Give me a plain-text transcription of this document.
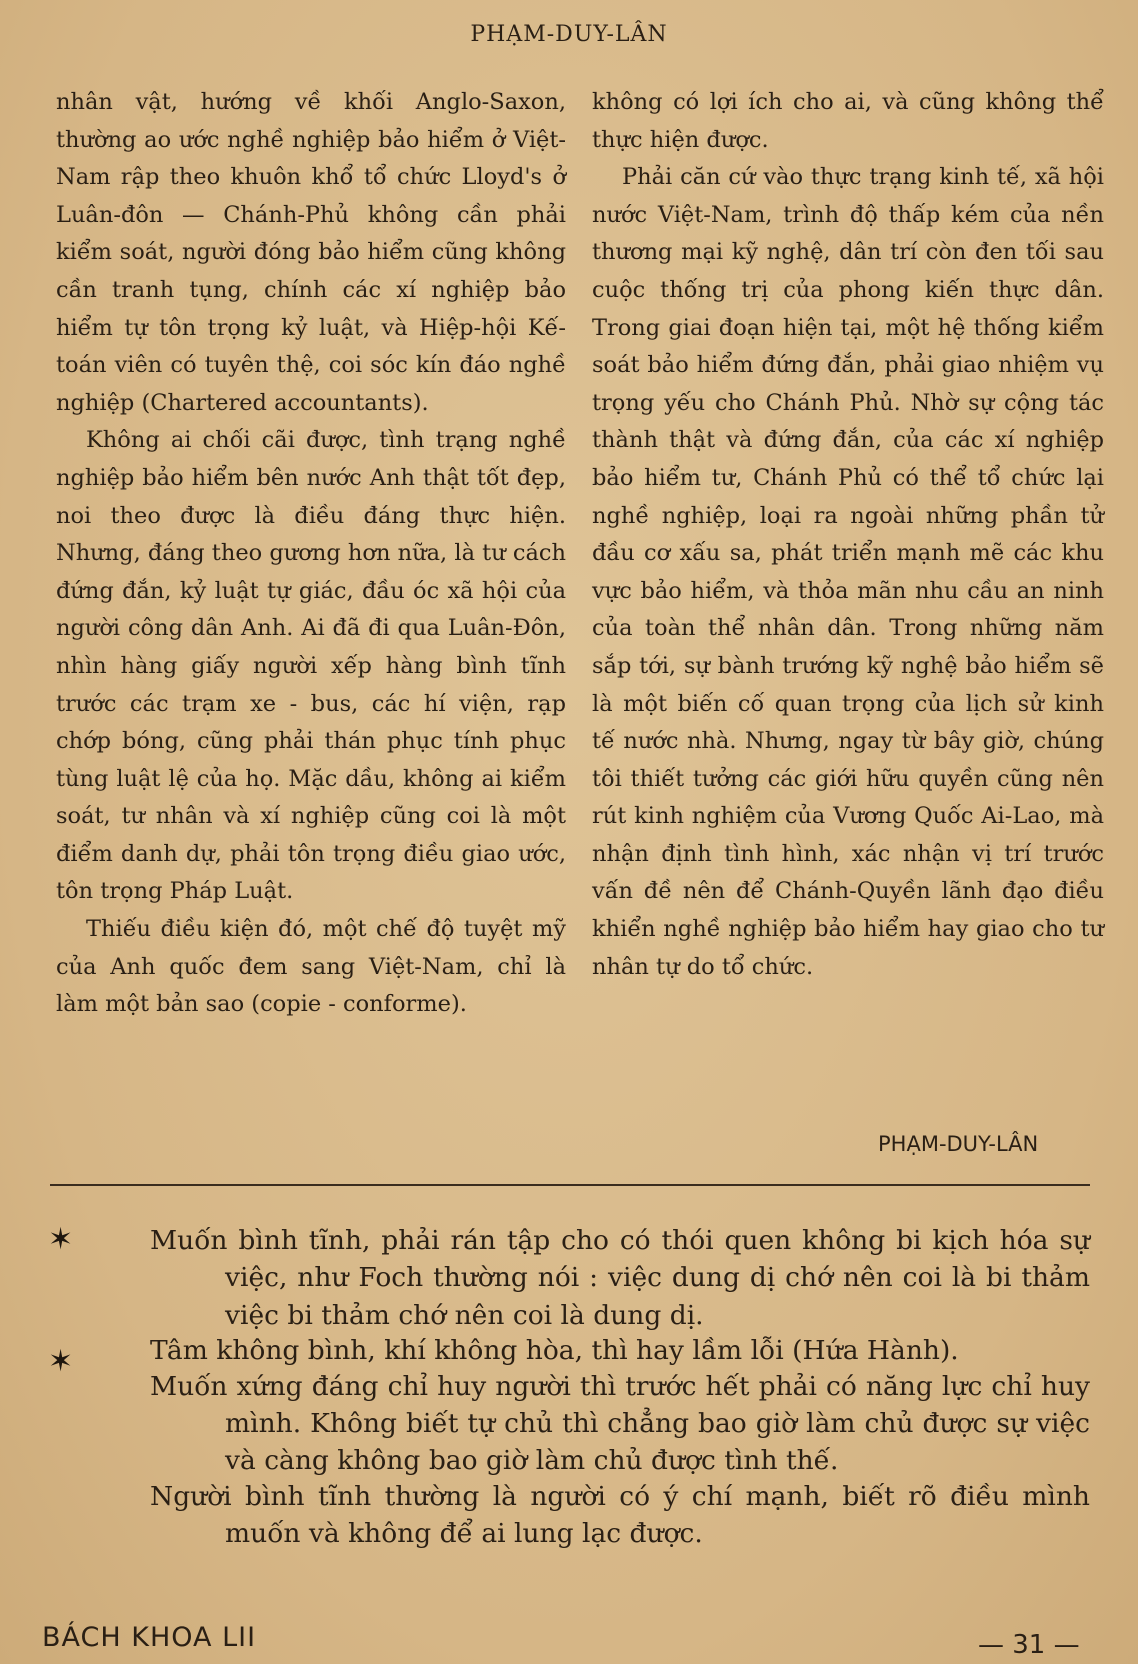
PHẠM-DUY-LÂN

nhân vật, hướng về khối Anglo-Saxon, thường ao ước nghề nghiệp bảo hiểm ở Việt-Nam rập theo khuôn khổ tổ chức Lloyd's ở Luân-đôn — Chánh-Phủ không cần phải kiểm soát, người đóng bảo hiểm cũng không cần tranh tụng, chính các xí nghiệp bảo hiểm tự tôn trọng kỷ luật, và Hiệp-hội Kế-toán viên có tuyên thệ, coi sóc kín đáo nghề nghiệp (Chartered accountants).

Không ai chối cãi được, tình trạng nghề nghiệp bảo hiểm bên nước Anh thật tốt đẹp, noi theo được là điều đáng thực hiện. Nhưng, đáng theo gương hơn nữa, là tư cách đứng đắn, kỷ luật tự giác, đầu óc xã hội của người công dân Anh. Ai đã đi qua Luân-Đôn, nhìn hàng giấy người xếp hàng bình tĩnh trước các trạm xe - bus, các hí viện, rạp chớp bóng, cũng phải thán phục tính phục tùng luật lệ của họ. Mặc dầu, không ai kiểm soát, tư nhân và xí nghiệp cũng coi là một điểm danh dự, phải tôn trọng điều giao ước, tôn trọng Pháp Luật.

Thiếu điều kiện đó, một chế độ tuyệt mỹ của Anh quốc đem sang Việt-Nam, chỉ là làm một bản sao (copie - conforme).

không có lợi ích cho ai, và cũng không thể thực hiện được.

Phải căn cứ vào thực trạng kinh tế, xã hội nước Việt-Nam, trình độ thấp kém của nền thương mại kỹ nghệ, dân trí còn đen tối sau cuộc thống trị của phong kiến thực dân. Trong giai đoạn hiện tại, một hệ thống kiểm soát bảo hiểm đứng đắn, phải giao nhiệm vụ trọng yếu cho Chánh Phủ. Nhờ sự cộng tác thành thật và đứng đắn, của các xí nghiệp bảo hiểm tư, Chánh Phủ có thể tổ chức lại nghề nghiệp, loại ra ngoài những phần tử đầu cơ xấu sa, phát triển mạnh mẽ các khu vực bảo hiểm, và thỏa mãn nhu cầu an ninh của toàn thể nhân dân. Trong những năm sắp tới, sự bành trướng kỹ nghệ bảo hiểm sẽ là một biến cố quan trọng của lịch sử kinh tế nước nhà. Nhưng, ngay từ bây giờ, chúng tôi thiết tưởng các giới hữu quyền cũng nên rút kinh nghiệm của Vương Quốc Ai-Lao, mà nhận định tình hình, xác nhận vị trí trước vấn đề nên để Chánh-Quyền lãnh đạo điều khiển nghề nghiệp bảo hiểm hay giao cho tư nhân tự do tổ chức.

PHẠM-DUY-LÂN
✶
✶

Muốn bình tĩnh, phải rán tập cho có thói quen không bi kịch hóa sự việc, như Foch thường nói : việc dung dị chớ nên coi là bi thảm việc bi thảm chớ nên coi là dung dị.

Tâm không bình, khí không hòa, thì hay lầm lỗi (Hứa Hành).

Muốn xứng đáng chỉ huy người thì trước hết phải có năng lực chỉ huy mình. Không biết tự chủ thì chẳng bao giờ làm chủ được sự việc và càng không bao giờ làm chủ được tình thế.

Người bình tĩnh thường là người có ý chí mạnh, biết rõ điều mình muốn và không để ai lung lạc được.

BÁCH KHOA LII	— 31 —
